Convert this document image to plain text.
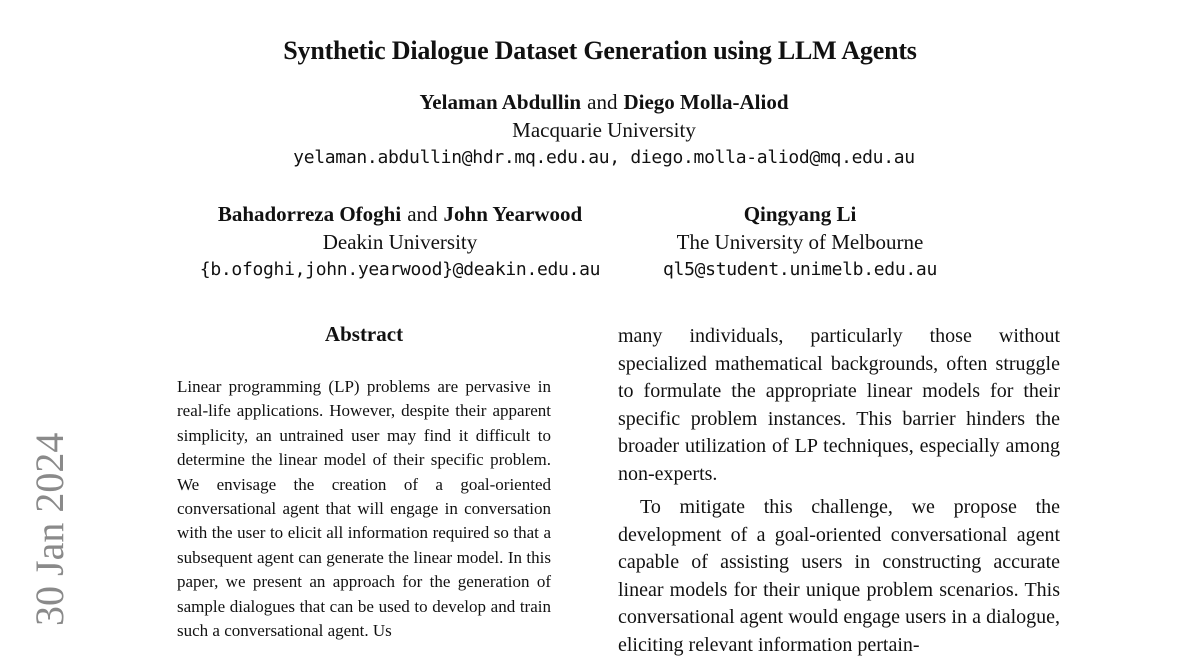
Synthetic Dialogue Dataset Generation using LLM Agents
Yelaman Abdullin and Diego Molla-Aliod
Macquarie University
yelaman.abdullin@hdr.mq.edu.au, diego.molla-aliod@mq.edu.au
Bahadorreza Ofoghi and John Yearwood
Deakin University
{b.ofoghi,john.yearwood}@deakin.edu.au
Qingyang Li
The University of Melbourne
ql5@student.unimelb.edu.au
30 Jan 2024
Abstract

Linear programming (LP) problems are pervasive in real-life applications. However, despite their apparent simplicity, an untrained user may find it difficult to determine the linear model of their specific problem. We envisage the creation of a goal-oriented conversational agent that will engage in conversation with the user to elicit all information required so that a subsequent agent can generate the linear model. In this paper, we present an approach for the generation of sample dialogues that can be used to develop and train such a conversational agent. Us

many individuals, particularly those without specialized mathematical backgrounds, often struggle to formulate the appropriate linear models for their specific problem instances. This barrier hinders the broader utilization of LP techniques, especially among non-experts.

To mitigate this challenge, we propose the development of a goal-oriented conversational agent capable of assisting users in constructing accurate linear models for their unique problem scenarios. This conversational agent would engage users in a dialogue, eliciting relevant information pertain-
